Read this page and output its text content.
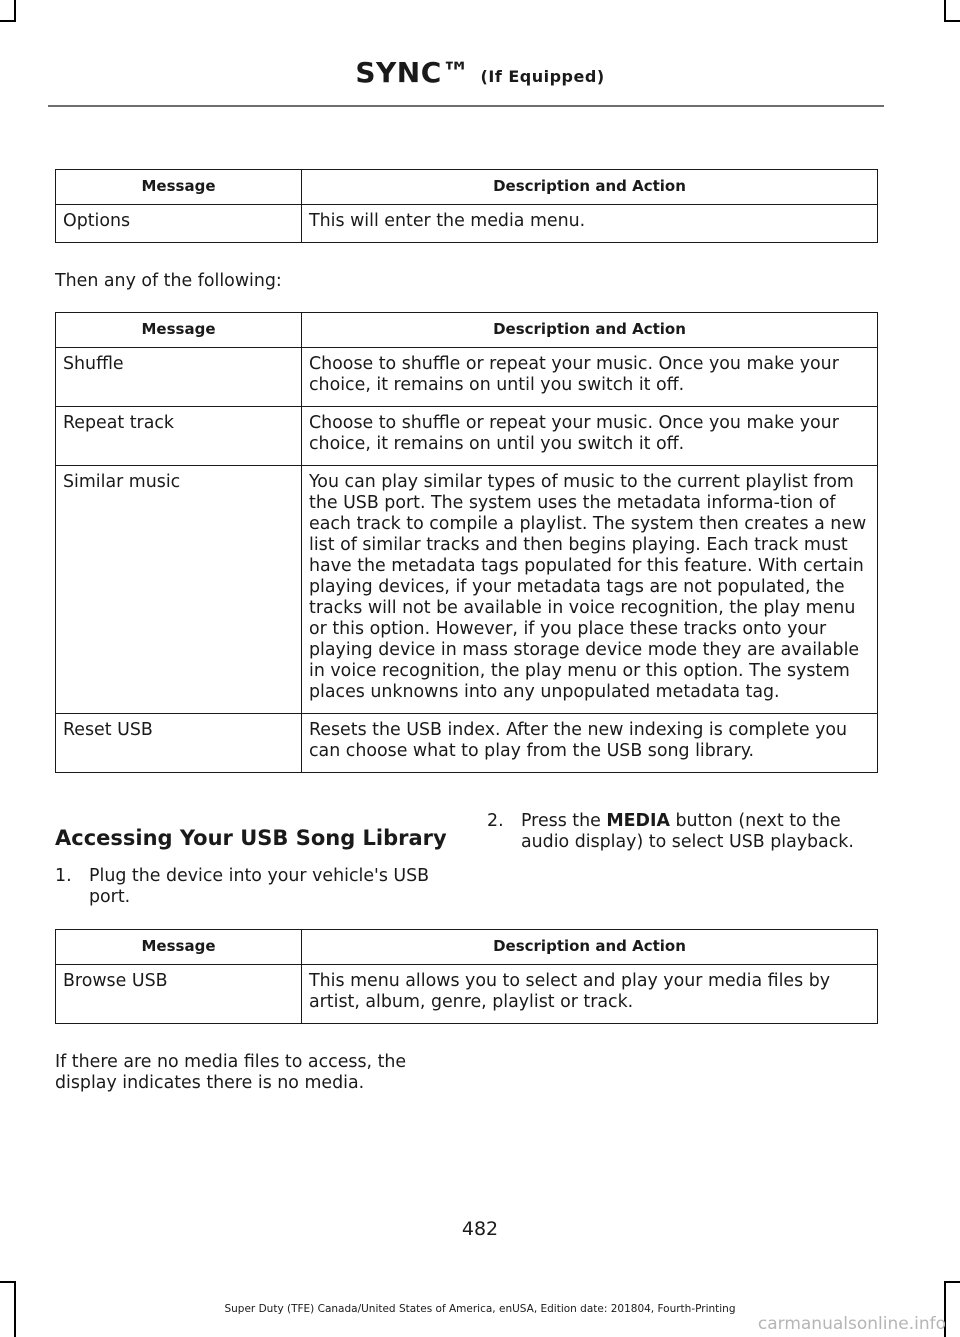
SYNC™ (If Equipped)
Message	Description and Action
Options	This will enter the media menu.
Then any of the following:
Message	Description and Action
Shuffle	Choose to shuffle or repeat your music. Once you make your choice, it remains on until you switch it off.
Repeat track	Choose to shuffle or repeat your music. Once you make your choice, it remains on until you switch it off.
Similar music	You can play similar types of music to the current playlist from the USB port. The system uses the metadata informa-tion of each track to compile a playlist. The system then creates a new list of similar tracks and then begins playing. Each track must have the metadata tags populated for this feature. With certain playing devices, if your metadata tags are not populated, the tracks will not be available in voice recognition, the play menu or this option. However, if you place these tracks onto your playing device in mass storage device mode they are available in voice recognition, the play menu or this option. The system places unknowns into any unpopulated metadata tag.
Reset USB	Resets the USB index. After the new indexing is complete you can choose what to play from the USB song library.
Accessing Your USB Song Library
1. Plug the device into your vehicle's USB port.
2. Press the MEDIA button (next to the audio display) to select USB playback.
Message	Description and Action
Browse USB	This menu allows you to select and play your media files by artist, album, genre, playlist or track.
If there are no media files to access, the display indicates there is no media.
482
Super Duty (TFE) Canada/United States of America, enUSA, Edition date: 201804, Fourth-Printing
carmanualsonline.info
